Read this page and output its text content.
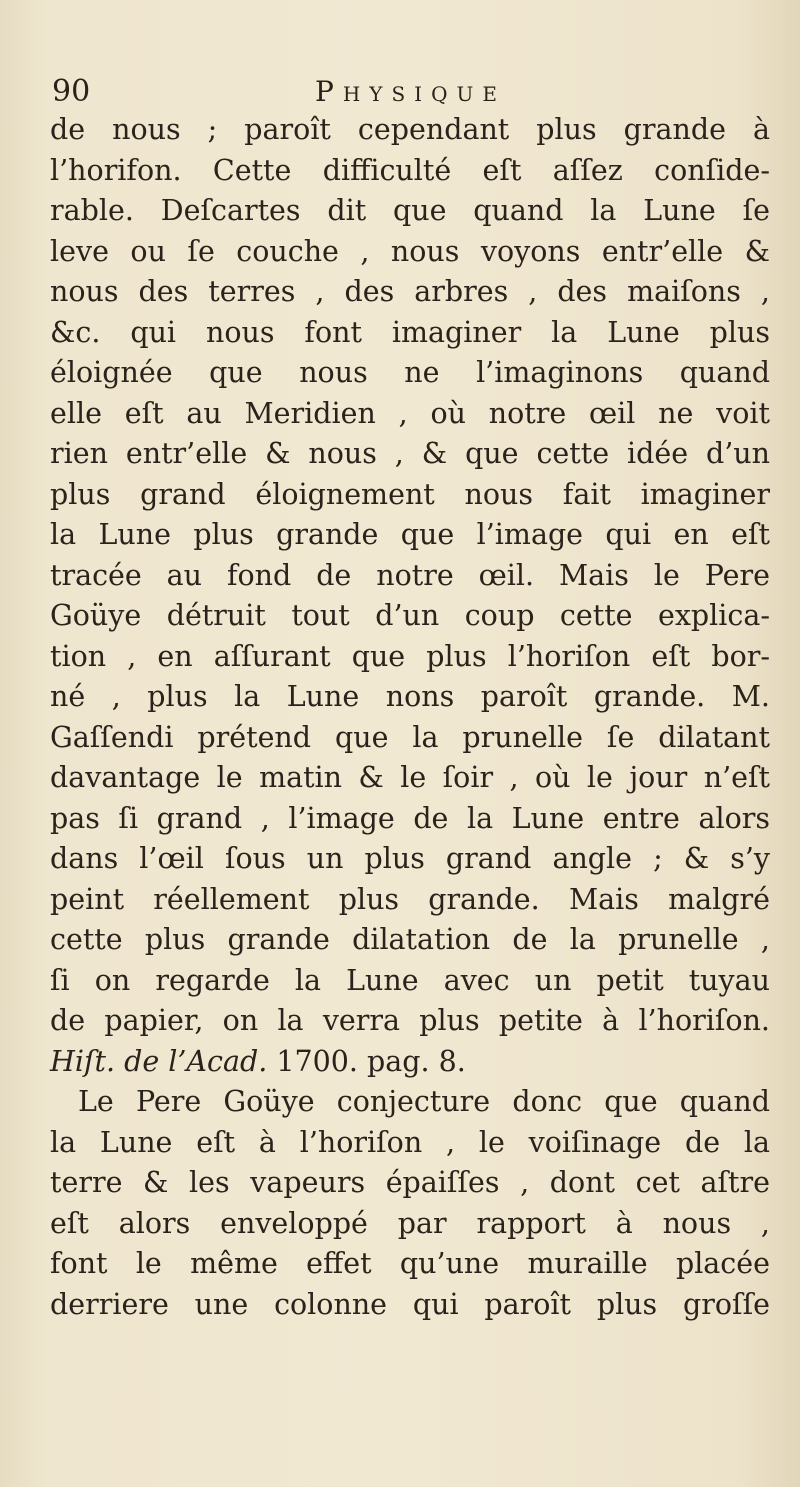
90	Physique
de nous ; paroît cependant plus grande à
l’horifon. Cette difficulté eſt aſſez conſide-
rable. Deſcartes dit que quand la Lune ſe
leve ou ſe couche , nous voyons entr’elle &
nous des terres , des arbres , des maiſons ,
&c. qui nous font imaginer la Lune plus
éloignée que nous ne l’imaginons quand
elle eſt au Meridien , où notre œil ne voit
rien entr’elle & nous , & que cette idée d’un
plus grand éloignement nous fait imaginer
la Lune plus grande que l’image qui en eſt
tracée au fond de notre œil. Mais le Pere
Goüye détruit tout d’un coup cette explica-
tion , en aſſurant que plus l’horiſon eſt bor-
né , plus la Lune nons paroît grande. M.
Gaſſendi prétend que la prunelle ſe dilatant
davantage le matin & le ſoir , où le jour n’eſt
pas ſi grand , l’image de la Lune entre alors
dans l’œil ſous un plus grand angle ; & s’y
peint réellement plus grande. Mais malgré
cette plus grande dilatation de la prunelle ,
ſi on regarde la Lune avec un petit tuyau
de papier, on la verra plus petite à l’horiſon.
Hiſt. de l’Acad. 1700. pag. 8.
Le Pere Goüye conjecture donc que quand
la Lune eſt à l’horiſon , le voiſinage de la
terre & les vapeurs épaiſſes , dont cet aſtre
eſt alors enveloppé par rapport à nous ,
font le même effet qu’une muraille placée
derriere une colonne qui paroît plus groſſe
